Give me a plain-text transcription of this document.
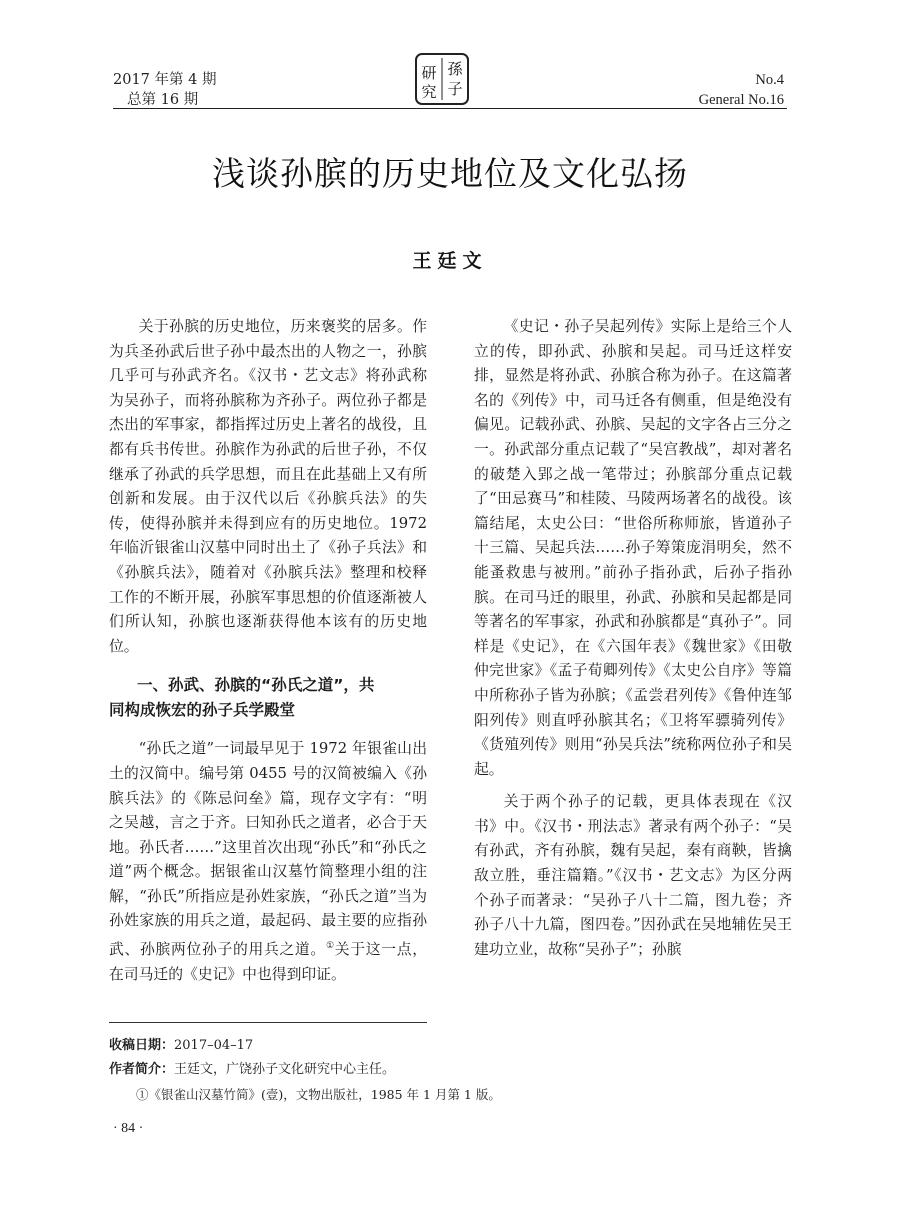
2017 年第 4 期
总第 16 期
研 孫
究 子	No.4
General No.16
浅谈孙膑的历史地位及文化弘扬
王廷文

关于孙膑的历史地位，历来褒奖的居多。作为兵圣孙武后世子孙中最杰出的人物之一，孙膑几乎可与孙武齐名。《汉书・艺文志》将孙武称为吴孙子，而将孙膑称为齐孙子。两位孙子都是杰出的军事家，都指挥过历史上著名的战役，且都有兵书传世。孙膑作为孙武的后世子孙，不仅继承了孙武的兵学思想，而且在此基础上又有所创新和发展。由于汉代以后《孙膑兵法》的失传，使得孙膑并未得到应有的历史地位。1972 年临沂银雀山汉墓中同时出土了《孙子兵法》和《孙膑兵法》，随着对《孙膑兵法》整理和校释工作的不断开展，孙膑军事思想的价值逐渐被人们所认知，孙膑也逐渐获得他本该有的历史地位。

一、孙武、孙膑的“孙氏之道”，共
同构成恢宏的孙子兵学殿堂

“孙氏之道”一词最早见于 1972 年银雀山出土的汉简中。编号第 0455 号的汉简被编入《孙膑兵法》的《陈忌问垒》篇，现存文字有：“明之吴越，言之于齐。曰知孙氏之道者，必合于天地。孙氏者……”这里首次出现“孙氏”和“孙氏之道”两个概念。据银雀山汉墓竹简整理小组的注解，“孙氏”所指应是孙姓家族，“孙氏之道”当为孙姓家族的用兵之道，最起码、最主要的应指孙武、孙膑两位孙子的用兵之道。①关于这一点，在司马迁的《史记》中也得到印证。

《史记・孙子吴起列传》实际上是给三个人立的传，即孙武、孙膑和吴起。司马迁这样安排，显然是将孙武、孙膑合称为孙子。在这篇著名的《列传》中，司马迁各有侧重，但是绝没有偏见。记载孙武、孙膑、吴起的文字各占三分之一。孙武部分重点记载了“吴宫教战”，却对著名的破楚入郢之战一笔带过；孙膑部分重点记载了“田忌赛马”和桂陵、马陵两场著名的战役。该篇结尾，太史公曰：“世俗所称师旅，皆道孙子十三篇、吴起兵法……孙子筹策庞涓明矣，然不能蚤救患与被刑。”前孙子指孙武，后孙子指孙膑。在司马迁的眼里，孙武、孙膑和吴起都是同等著名的军事家，孙武和孙膑都是“真孙子”。同样是《史记》，在《六国年表》《魏世家》《田敬仲完世家》《孟子荀卿列传》《太史公自序》等篇中所称孙子皆为孙膑；《孟尝君列传》《鲁仲连邹阳列传》则直呼孙膑其名；《卫将军骠骑列传》《货殖列传》则用“孙吴兵法”统称两位孙子和吴起。

关于两个孙子的记载，更具体表现在《汉书》中。《汉书・刑法志》著录有两个孙子：“吴有孙武，齐有孙膑，魏有吴起，秦有商鞅，皆擒敌立胜，垂注篇籍。”《汉书・艺文志》为区分两个孙子而著录：“吴孙子八十二篇，图九卷；齐孙子八十九篇，图四卷。”因孙武在吴地辅佐吴王建功立业，故称“吴孙子”；孙膑

收稿日期：2017–04–17
作者简介：王廷文，广饶孙子文化研究中心主任。
①《银雀山汉墓竹简》(壹)，文物出版社，1985 年 1 月第 1 版。
· 84 ·
